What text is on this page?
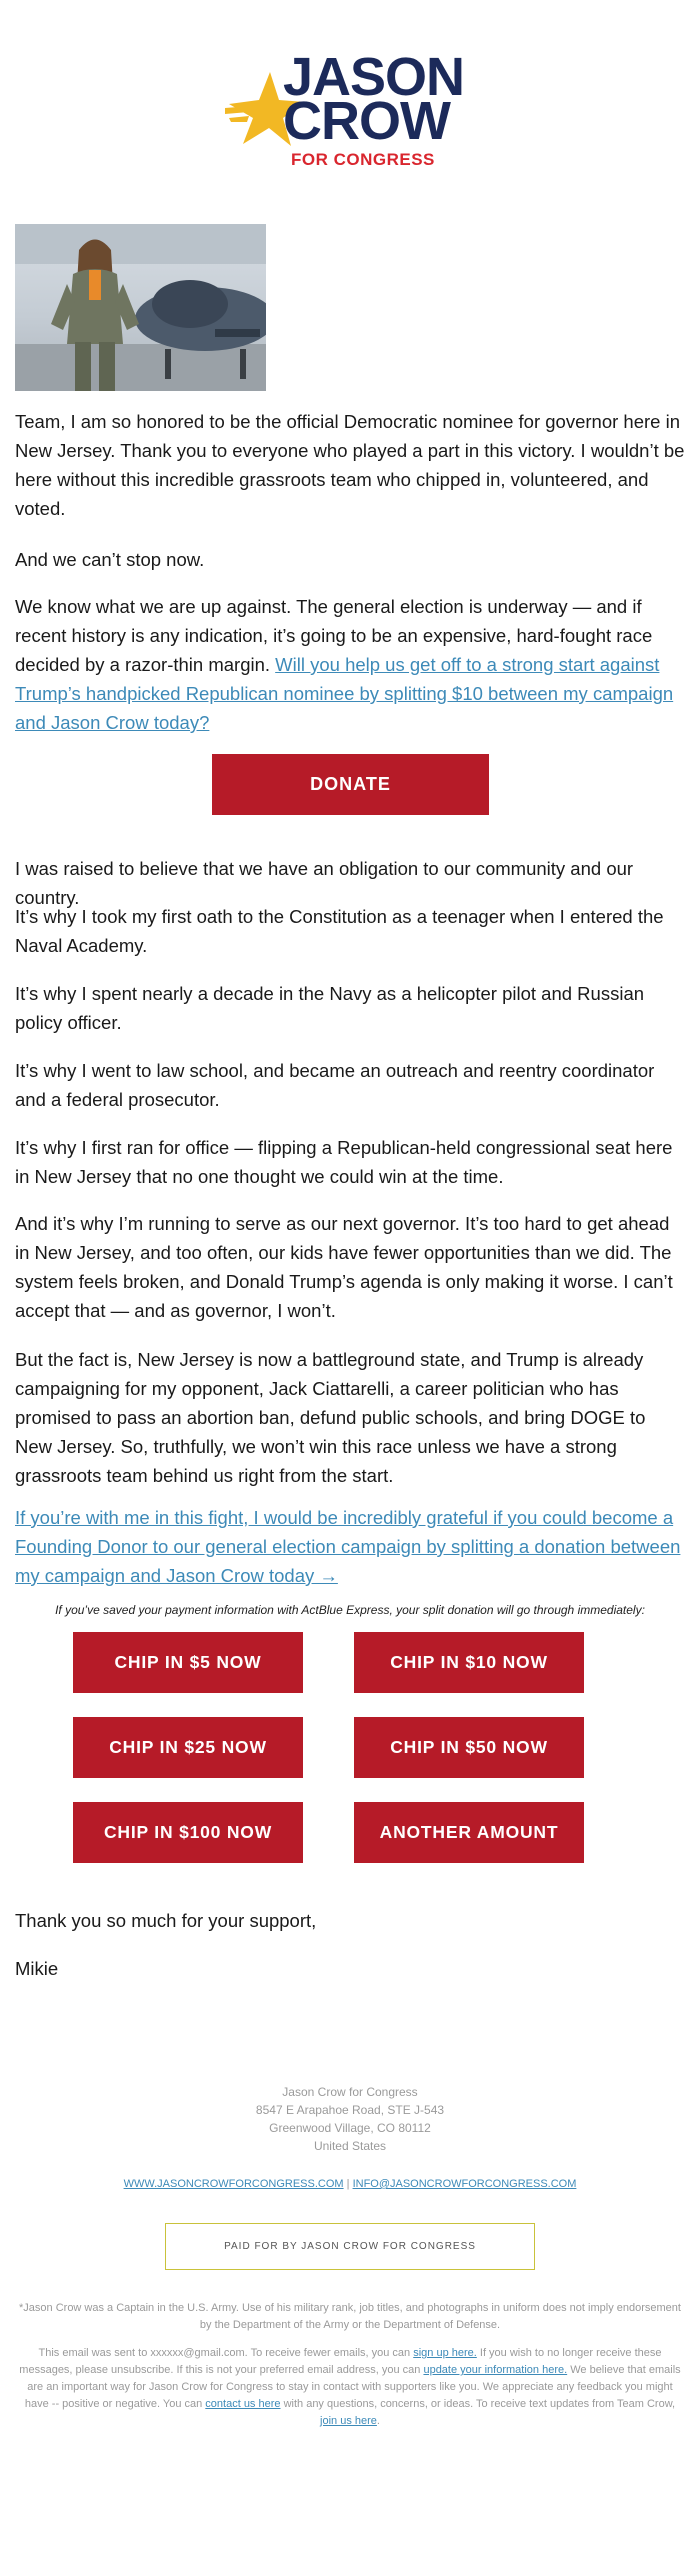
JASON
CROW
FOR CONGRESS
Team, I am so honored to be the official Democratic nominee for governor here in New Jersey. Thank you to everyone who played a part in this victory. I wouldn’t be here without this incredible grassroots team who chipped in, volunteered, and voted.
And we can’t stop now.
We know what we are up against. The general election is underway — and if recent history is any indication, it’s going to be an expensive, hard-fought race decided by a razor-thin margin. Will you help us get off to a strong start against Trump’s handpicked Republican nominee by splitting $10 between my campaign and Jason Crow today?
DONATE
I was raised to believe that we have an obligation to our community and our country.
It’s why I took my first oath to the Constitution as a teenager when I entered the Naval Academy.
It’s why I spent nearly a decade in the Navy as a helicopter pilot and Russian policy officer.
It’s why I went to law school, and became an outreach and reentry coordinator and a federal prosecutor.
It’s why I first ran for office — flipping a Republican-held congressional seat here in New Jersey that no one thought we could win at the time.
And it’s why I’m running to serve as our next governor. It’s too hard to get ahead in New Jersey, and too often, our kids have fewer opportunities than we did. The system feels broken, and Donald Trump’s agenda is only making it worse. I can’t accept that — and as governor, I won’t.
But the fact is, New Jersey is now a battleground state, and Trump is already campaigning for my opponent, Jack Ciattarelli, a career politician who has promised to pass an abortion ban, defund public schools, and bring DOGE to New Jersey. So, truthfully, we won’t win this race unless we have a strong grassroots team behind us right from the start.
If you’re with me in this fight, I would be incredibly grateful if you could become a Founding Donor to our general election campaign by splitting a donation between my campaign and Jason Crow today →
If you’ve saved your payment information with ActBlue Express, your split donation will go through immediately:
CHIP IN $5 NOW	CHIP IN $10 NOW
CHIP IN $25 NOW	CHIP IN $50 NOW
CHIP IN $100 NOW	ANOTHER AMOUNT
Thank you so much for your support,
Mikie
Jason Crow for Congress
8547 E Arapahoe Road, STE J-543
Greenwood Village, CO 80112
United States
WWW.JASONCROWFORCONGRESS.COM | INFO@JASONCROWFORCONGRESS.COM
PAID FOR BY JASON CROW FOR CONGRESS
*Jason Crow was a Captain in the U.S. Army. Use of his military rank, job titles, and photographs in uniform does not imply endorsement by the Department of the Army or the Department of Defense.
This email was sent to xxxxxx@gmail.com. To receive fewer emails, you can sign up here. If you wish to no longer receive these messages, please unsubscribe. If this is not your preferred email address, you can update your information here. We believe that emails are an important way for Jason Crow for Congress to stay in contact with supporters like you. We appreciate any feedback you might have -- positive or negative. You can contact us here with any questions, concerns, or ideas. To receive text updates from Team Crow, join us here.
